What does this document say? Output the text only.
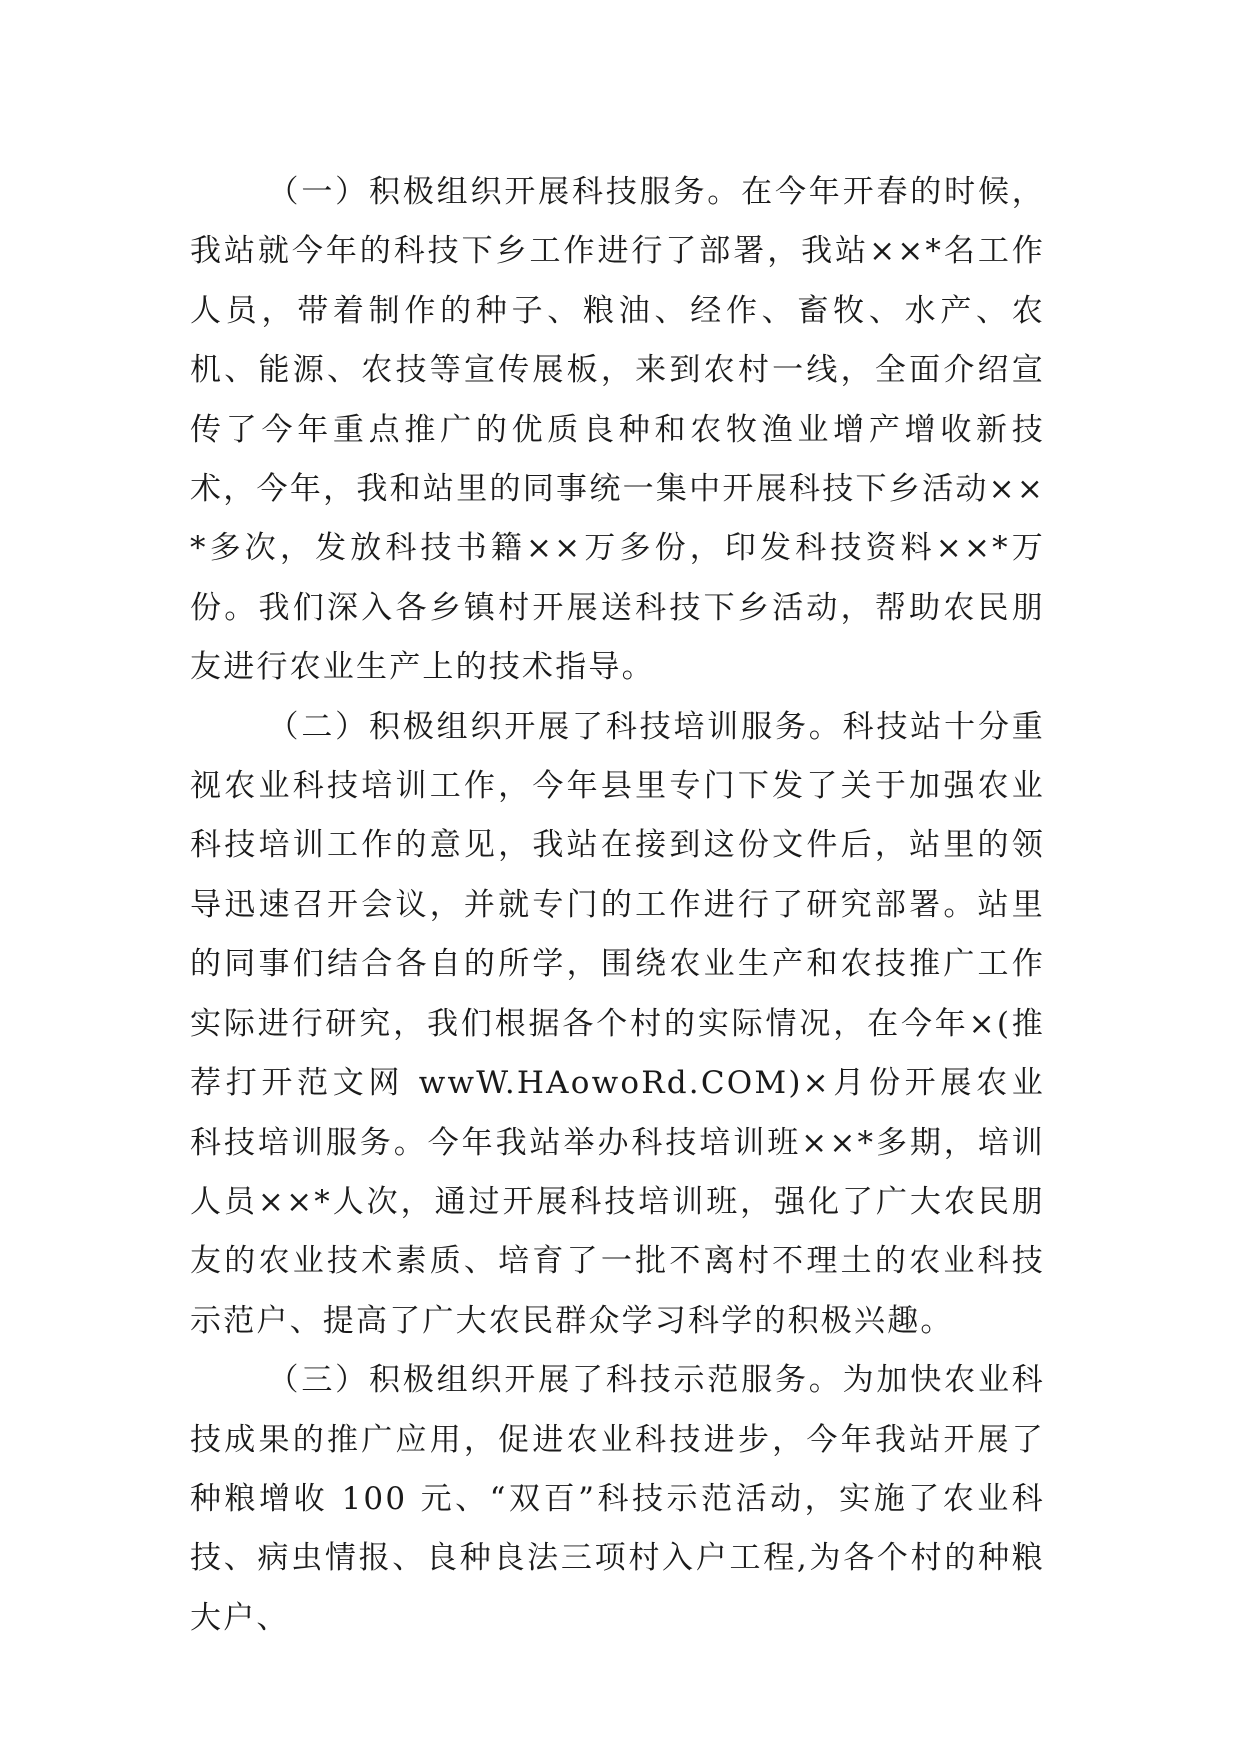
（一）积极组织开展科技服务。在今年开春的时候，我站就今年的科技下乡工作进行了部署，我站××*名工作人员，带着制作的种子、粮油、经作、畜牧、水产、农机、能源、农技等宣传展板，来到农村一线，全面介绍宣传了今年重点推广的优质良种和农牧渔业增产增收新技术，今年，我和站里的同事统一集中开展科技下乡活动××*多次，发放科技书籍××万多份，印发科技资料××*万份。我们深入各乡镇村开展送科技下乡活动，帮助农民朋友进行农业生产上的技术指导。

（二）积极组织开展了科技培训服务。科技站十分重视农业科技培训工作，今年县里专门下发了关于加强农业科技培训工作的意见，我站在接到这份文件后，站里的领导迅速召开会议，并就专门的工作进行了研究部署。站里的同事们结合各自的所学，围绕农业生产和农技推广工作实际进行研究，我们根据各个村的实际情况，在今年×(推荐打开范文网 wwW.HAowoRd.COM)×月份开展农业科技培训服务。今年我站举办科技培训班××*多期，培训人员××*人次，通过开展科技培训班，强化了广大农民朋友的农业技术素质、培育了一批不离村不理土的农业科技示范户、提高了广大农民群众学习科学的积极兴趣。

（三）积极组织开展了科技示范服务。为加快农业科技成果的推广应用，促进农业科技进步，今年我站开展了种粮增收 100 元、“双百”科技示范活动，实施了农业科技、病虫情报、良种良法三项村入户工程,为各个村的种粮大户、
